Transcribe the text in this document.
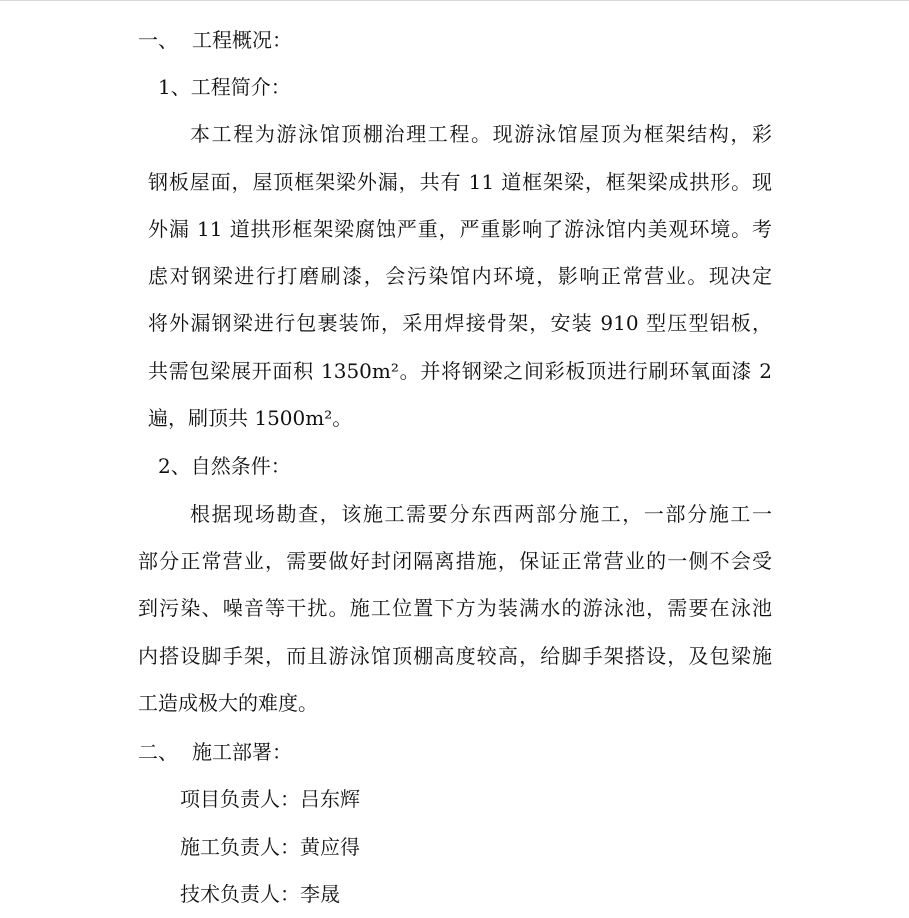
一、 工程概况：
1、工程简介：
本工程为游泳馆顶棚治理工程。现游泳馆屋顶为框架结构，彩
钢板屋面，屋顶框架梁外漏，共有 11 道框架梁，框架梁成拱形。现
外漏 11 道拱形框架梁腐蚀严重，严重影响了游泳馆内美观环境。考
虑对钢梁进行打磨刷漆，会污染馆内环境，影响正常营业。现决定
将外漏钢梁进行包裹装饰，采用焊接骨架，安装 910 型压型铝板，
共需包梁展开面积 1350m²。并将钢梁之间彩板顶进行刷环氧面漆 2
遍，刷顶共 1500m²。
2、自然条件：
根据现场勘查，该施工需要分东西两部分施工，一部分施工一
部分正常营业，需要做好封闭隔离措施，保证正常营业的一侧不会受
到污染、噪音等干扰。施工位置下方为装满水的游泳池，需要在泳池
内搭设脚手架，而且游泳馆顶棚高度较高，给脚手架搭设，及包梁施
工造成极大的难度。
二、 施工部署：
项目负责人：吕东辉
施工负责人：黄应得
技术负责人：李晟
